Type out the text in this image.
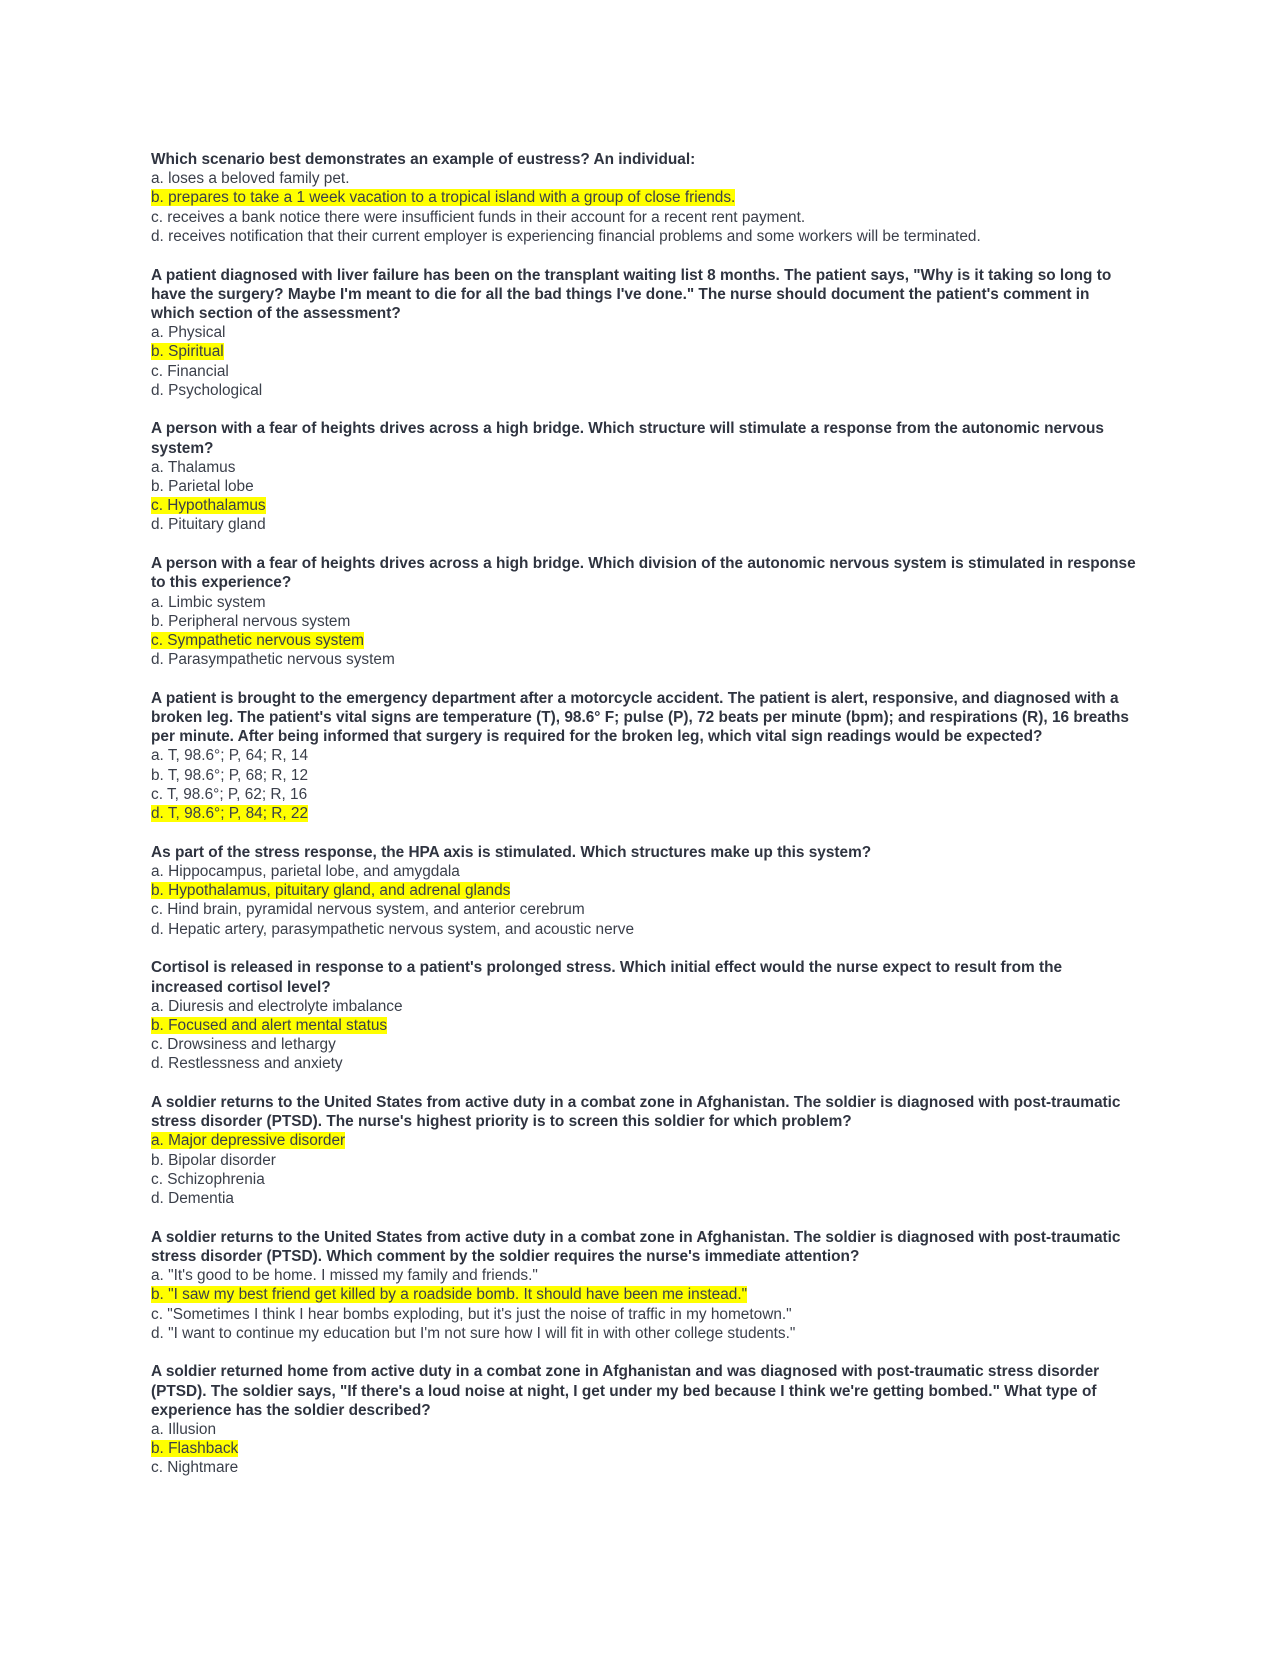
Which scenario best demonstrates an example of eustress? An individual:
a. loses a beloved family pet.
b. prepares to take a 1 week vacation to a tropical island with a group of close friends.
c. receives a bank notice there were insufficient funds in their account for a recent rent payment.
d. receives notification that their current employer is experiencing financial problems and some workers will be terminated.
A patient diagnosed with liver failure has been on the transplant waiting list 8 months. The patient says, "Why is it taking so long to have the surgery? Maybe I'm meant to die for all the bad things I've done." The nurse should document the patient's comment in which section of the assessment?
a. Physical
b. Spiritual
c. Financial
d. Psychological
A person with a fear of heights drives across a high bridge. Which structure will stimulate a response from the autonomic nervous system?
a. Thalamus
b. Parietal lobe
c. Hypothalamus
d. Pituitary gland
A person with a fear of heights drives across a high bridge. Which division of the autonomic nervous system is stimulated in response to this experience?
a. Limbic system
b. Peripheral nervous system
c. Sympathetic nervous system
d. Parasympathetic nervous system
A patient is brought to the emergency department after a motorcycle accident. The patient is alert, responsive, and diagnosed with a broken leg. The patient's vital signs are temperature (T), 98.6° F; pulse (P), 72 beats per minute (bpm); and respirations (R), 16 breaths per minute. After being informed that surgery is required for the broken leg, which vital sign readings would be expected?
a. T, 98.6°; P, 64; R, 14
b. T, 98.6°; P, 68; R, 12
c. T, 98.6°; P, 62; R, 16
d. T, 98.6°; P, 84; R, 22
As part of the stress response, the HPA axis is stimulated. Which structures make up this system?
a. Hippocampus, parietal lobe, and amygdala
b. Hypothalamus, pituitary gland, and adrenal glands
c. Hind brain, pyramidal nervous system, and anterior cerebrum
d. Hepatic artery, parasympathetic nervous system, and acoustic nerve
Cortisol is released in response to a patient's prolonged stress. Which initial effect would the nurse expect to result from the increased cortisol level?
a. Diuresis and electrolyte imbalance
b. Focused and alert mental status
c. Drowsiness and lethargy
d. Restlessness and anxiety
A soldier returns to the United States from active duty in a combat zone in Afghanistan. The soldier is diagnosed with post-traumatic stress disorder (PTSD). The nurse's highest priority is to screen this soldier for which problem?
a. Major depressive disorder
b. Bipolar disorder
c. Schizophrenia
d. Dementia
A soldier returns to the United States from active duty in a combat zone in Afghanistan. The soldier is diagnosed with post-traumatic stress disorder (PTSD). Which comment by the soldier requires the nurse's immediate attention?
a. "It's good to be home. I missed my family and friends."
b. "I saw my best friend get killed by a roadside bomb. It should have been me instead."
c. "Sometimes I think I hear bombs exploding, but it's just the noise of traffic in my hometown."
d. "I want to continue my education but I'm not sure how I will fit in with other college students."
A soldier returned home from active duty in a combat zone in Afghanistan and was diagnosed with post-traumatic stress disorder (PTSD). The soldier says, "If there's a loud noise at night, I get under my bed because I think we're getting bombed." What type of experience has the soldier described?
a. Illusion
b. Flashback
c. Nightmare
